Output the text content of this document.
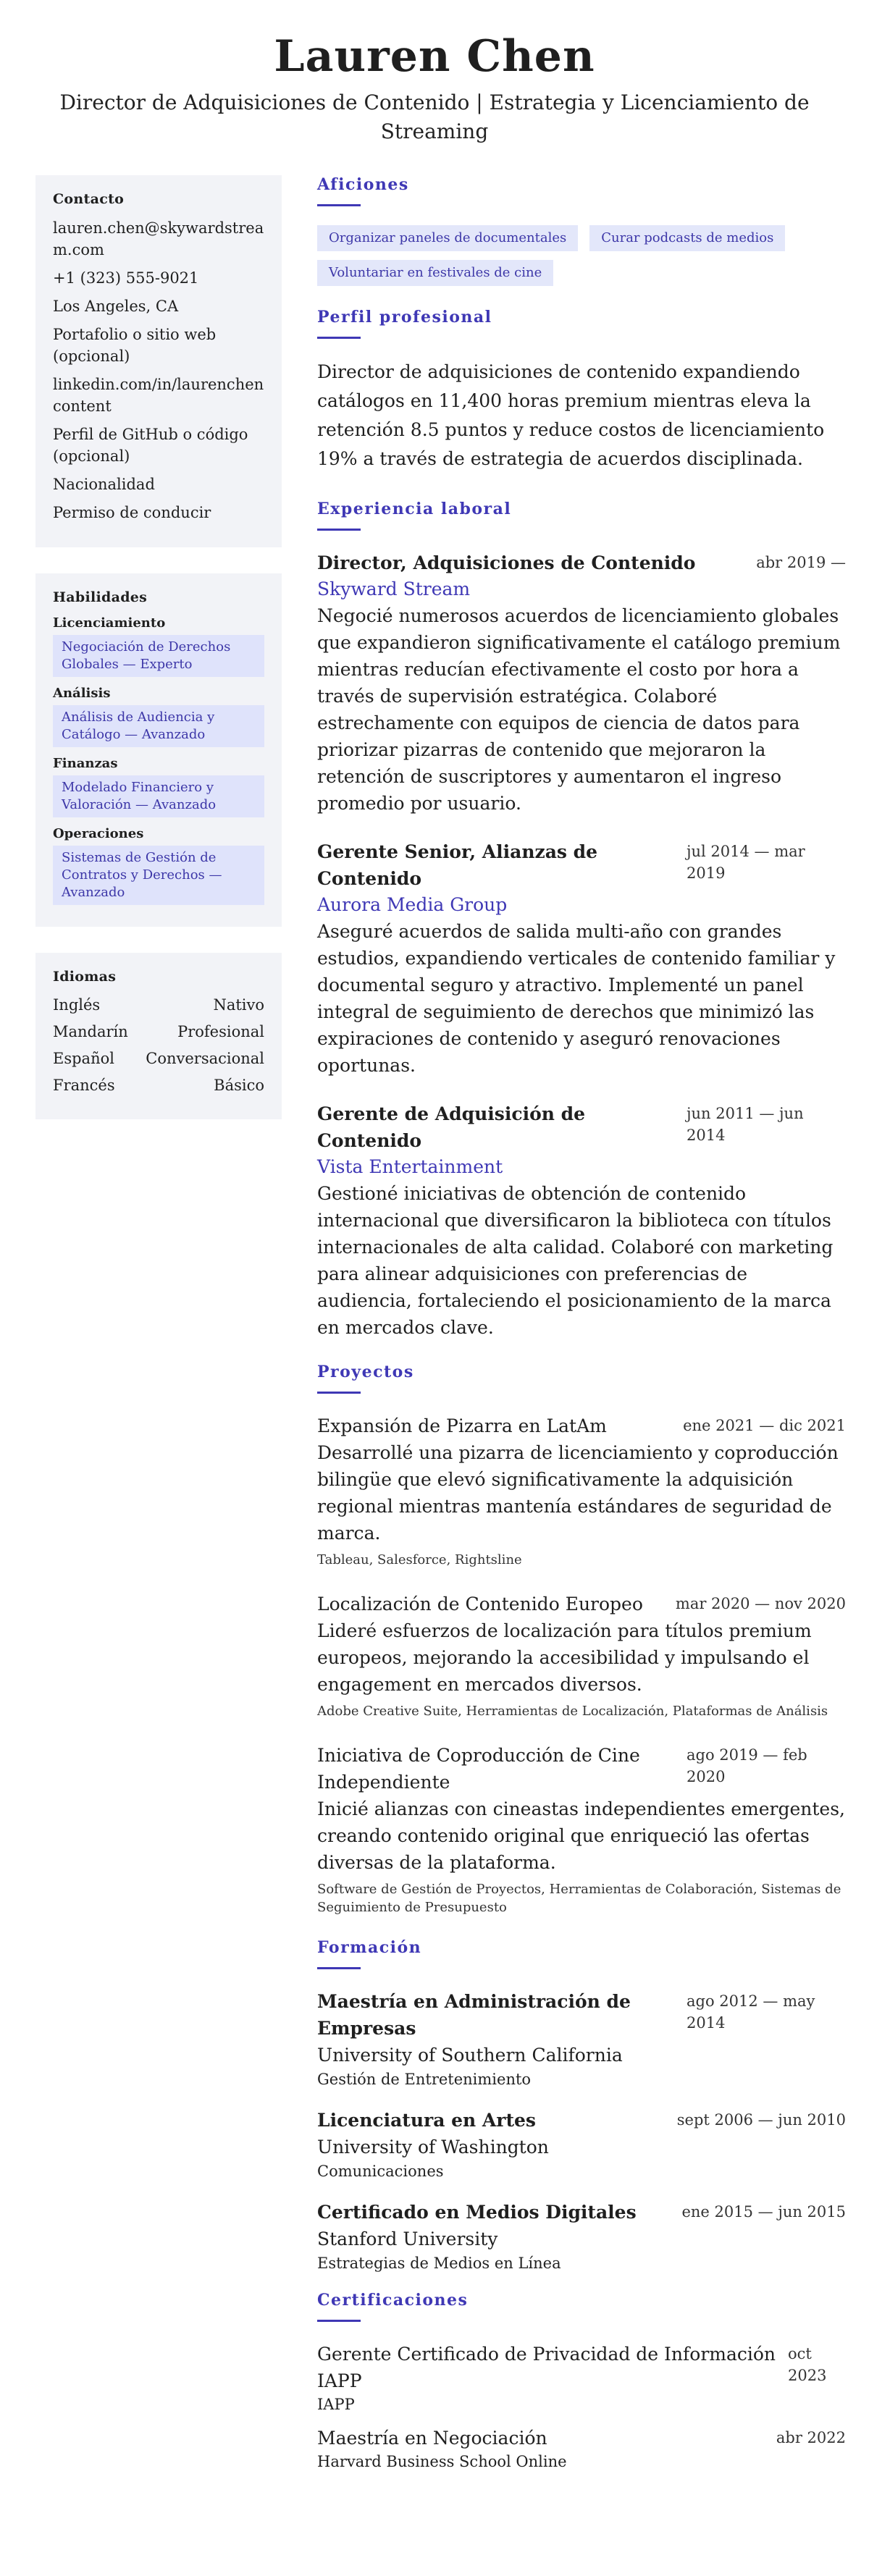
Lauren Chen
Director de Adquisiciones de Contenido | Estrategia y Licenciamiento de Streaming
Contacto
lauren.chen@skywardstream.com
+1 (323) 555-9021
Los Angeles, CA
Portafolio o sitio web (opcional)
linkedin.com/in/laurenchencontent
Perfil de GitHub o código (opcional)
Nacionalidad
Permiso de conducir
Habilidades
Licenciamiento
Negociación de Derechos Globales — Experto
Análisis
Análisis de Audiencia y Catálogo — Avanzado
Finanzas
Modelado Financiero y Valoración — Avanzado
Operaciones
Sistemas de Gestión de Contratos y Derechos — Avanzado
Idiomas
Inglés	Nativo
Mandarín	Profesional
Español Conversacional
Francés	Básico
Aficiones
Organizar paneles de documentales	Curar podcasts de medios
Voluntariar en festivales de cine
Perfil profesional

Director de adquisiciones de contenido expandiendo catálogos en 11,400 horas premium mientras eleva la retención 8.5 puntos y reduce costos de licenciamiento 19% a través de estrategia de acuerdos disciplinada.

Experiencia laboral
Director, Adquisiciones de Contenido	abr 2019 —
Skyward Stream

Negocié numerosos acuerdos de licenciamiento globales que expandieron significativamente el catálogo premium mientras reducían efectivamente el costo por hora a través de supervisión estratégica. Colaboré estrechamente con equipos de ciencia de datos para priorizar pizarras de contenido que mejoraron la retención de suscriptores y aumentaron el ingreso promedio por usuario.

Gerente Senior, Alianzas de Contenido
jul 2014 — mar 2019
Aurora Media Group

Aseguré acuerdos de salida multi-año con grandes estudios, expandiendo verticales de contenido familiar y documental seguro y atractivo. Implementé un panel integral de seguimiento de derechos que minimizó las expiraciones de contenido y aseguró renovaciones oportunas.

Gerente de Adquisición de Contenido
jun 2011 — jun 2014
Vista Entertainment

Gestioné iniciativas de obtención de contenido internacional que diversificaron la biblioteca con títulos internacionales de alta calidad. Colaboré con marketing para alinear adquisiciones con preferencias de audiencia, fortaleciendo el posicionamiento de la marca en mercados clave.

Proyectos
Expansión de Pizarra en LatAm	ene 2021 — dic 2021

Desarrollé una pizarra de licenciamiento y coproducción bilingüe que elevó significativamente la adquisición regional mientras mantenía estándares de seguridad de marca.

Tableau, Salesforce, Rightsline
Localización de Contenido Europeo mar 2020 — nov 2020

Lideré esfuerzos de localización para títulos premium europeos, mejorando la accesibilidad y impulsando el engagement en mercados diversos.

Adobe Creative Suite, Herramientas de Localización, Plataformas de Análisis
Iniciativa de Coproducción de Cine Independiente
ago 2019 — feb 2020

Inicié alianzas con cineastas independientes emergentes, creando contenido original que enriqueció las ofertas diversas de la plataforma.

Software de Gestión de Proyectos, Herramientas de Colaboración, Sistemas de Seguimiento de Presupuesto
Formación
Maestría en Administración de Empresas
ago 2012 — may 2014
University of Southern California
Gestión de Entretenimiento
Licenciatura en Artes	sept 2006 — jun 2010
University of Washington
Comunicaciones
Certificado en Medios Digitales	ene 2015 — jun 2015
Stanford University
Estrategias de Medios en Línea
Certificaciones
Gerente Certificado de Privacidad de Información IAPP
oct 2023
IAPP
Maestría en Negociación	abr 2022
Harvard Business School Online
